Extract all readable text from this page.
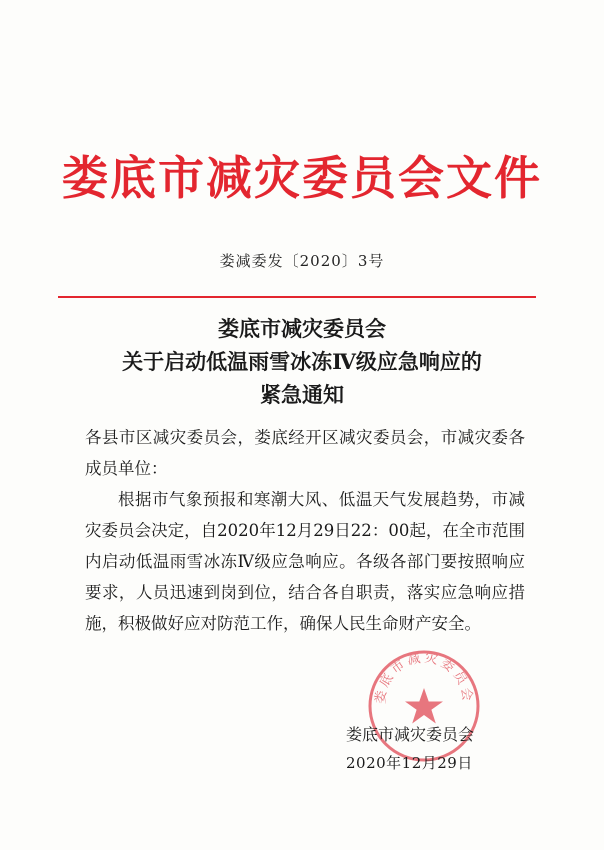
娄底市减灾委员会文件
娄减委发〔2020〕3号
娄底市减灾委员会
关于启动低温雨雪冰冻Ⅳ级应急响应的
紧急通知
各县市区减灾委员会，娄底经开区减灾委员会，市减灾委各成员单位：
根据市气象预报和寒潮大风、低温天气发展趋势，市减灾委员会决定，自2020年12月29日22：00起，在全市范围内启动低温雨雪冰冻Ⅳ级应急响应。各级各部门要按照响应要求，人员迅速到岗到位，结合各自职责，落实应急响应措施，积极做好应对防范工作，确保人民生命财产安全。
娄底市减灾委员会
娄底市减灾委员会
2020年12月29日
